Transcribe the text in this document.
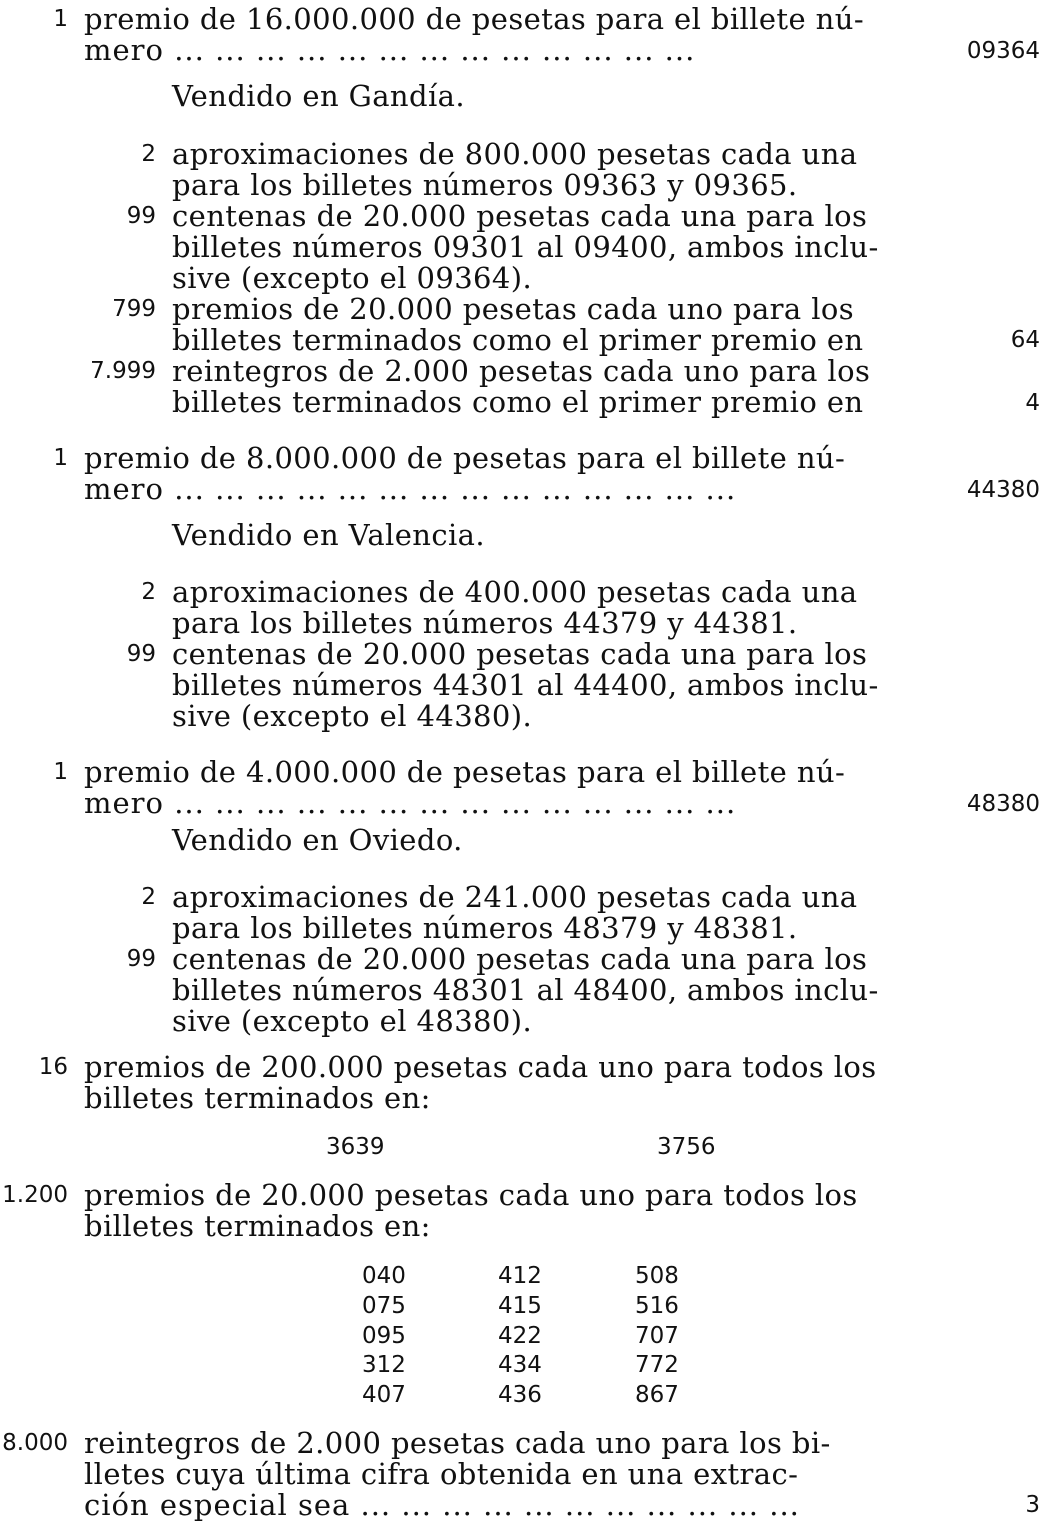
1 premio de 16.000.000 de pesetas para el billete nú-
mero ... ... ... ... ... ... ... ... ... ... ... ... ...	09364
Vendido en Gandía.
2 aproximaciones de 800.000 pesetas cada una
para los billetes números 09363 y 09365.
99 centenas de 20.000 pesetas cada una para los
billetes números 09301 al 09400, ambos inclu-
sive (excepto el 09364).
799 premios de 20.000 pesetas cada uno para los
billetes terminados como el primer premio en	64
7.999 reintegros de 2.000 pesetas cada uno para los
billetes terminados como el primer premio en	4
1 premio de 8.000.000 de pesetas para el billete nú-
mero ... ... ... ... ... ... ... ... ... ... ... ... ... ...	44380
Vendido en Valencia.
2 aproximaciones de 400.000 pesetas cada una
para los billetes números 44379 y 44381.
99 centenas de 20.000 pesetas cada una para los
billetes números 44301 al 44400, ambos inclu-
sive (excepto el 44380).
1 premio de 4.000.000 de pesetas para el billete nú-
mero ... ... ... ... ... ... ... ... ... ... ... ... ... ...	48380
Vendido en Oviedo.
2 aproximaciones de 241.000 pesetas cada una
para los billetes números 48379 y 48381.
99 centenas de 20.000 pesetas cada una para los
billetes números 48301 al 48400, ambos inclu-
sive (excepto el 48380).
16 premios de 200.000 pesetas cada uno para todos los
billetes terminados en:
3639	3756
1.200 premios de 20.000 pesetas cada uno para todos los
billetes terminados en:
040	412	508
075	415	516
095	422	707
312	434	772
407	436	867
8.000 reintegros de 2.000 pesetas cada uno para los bi-
lletes cuya última cifra obtenida en una extrac-
ción especial sea ... ... ... ... ... ... ... ... ... ... ...	3
